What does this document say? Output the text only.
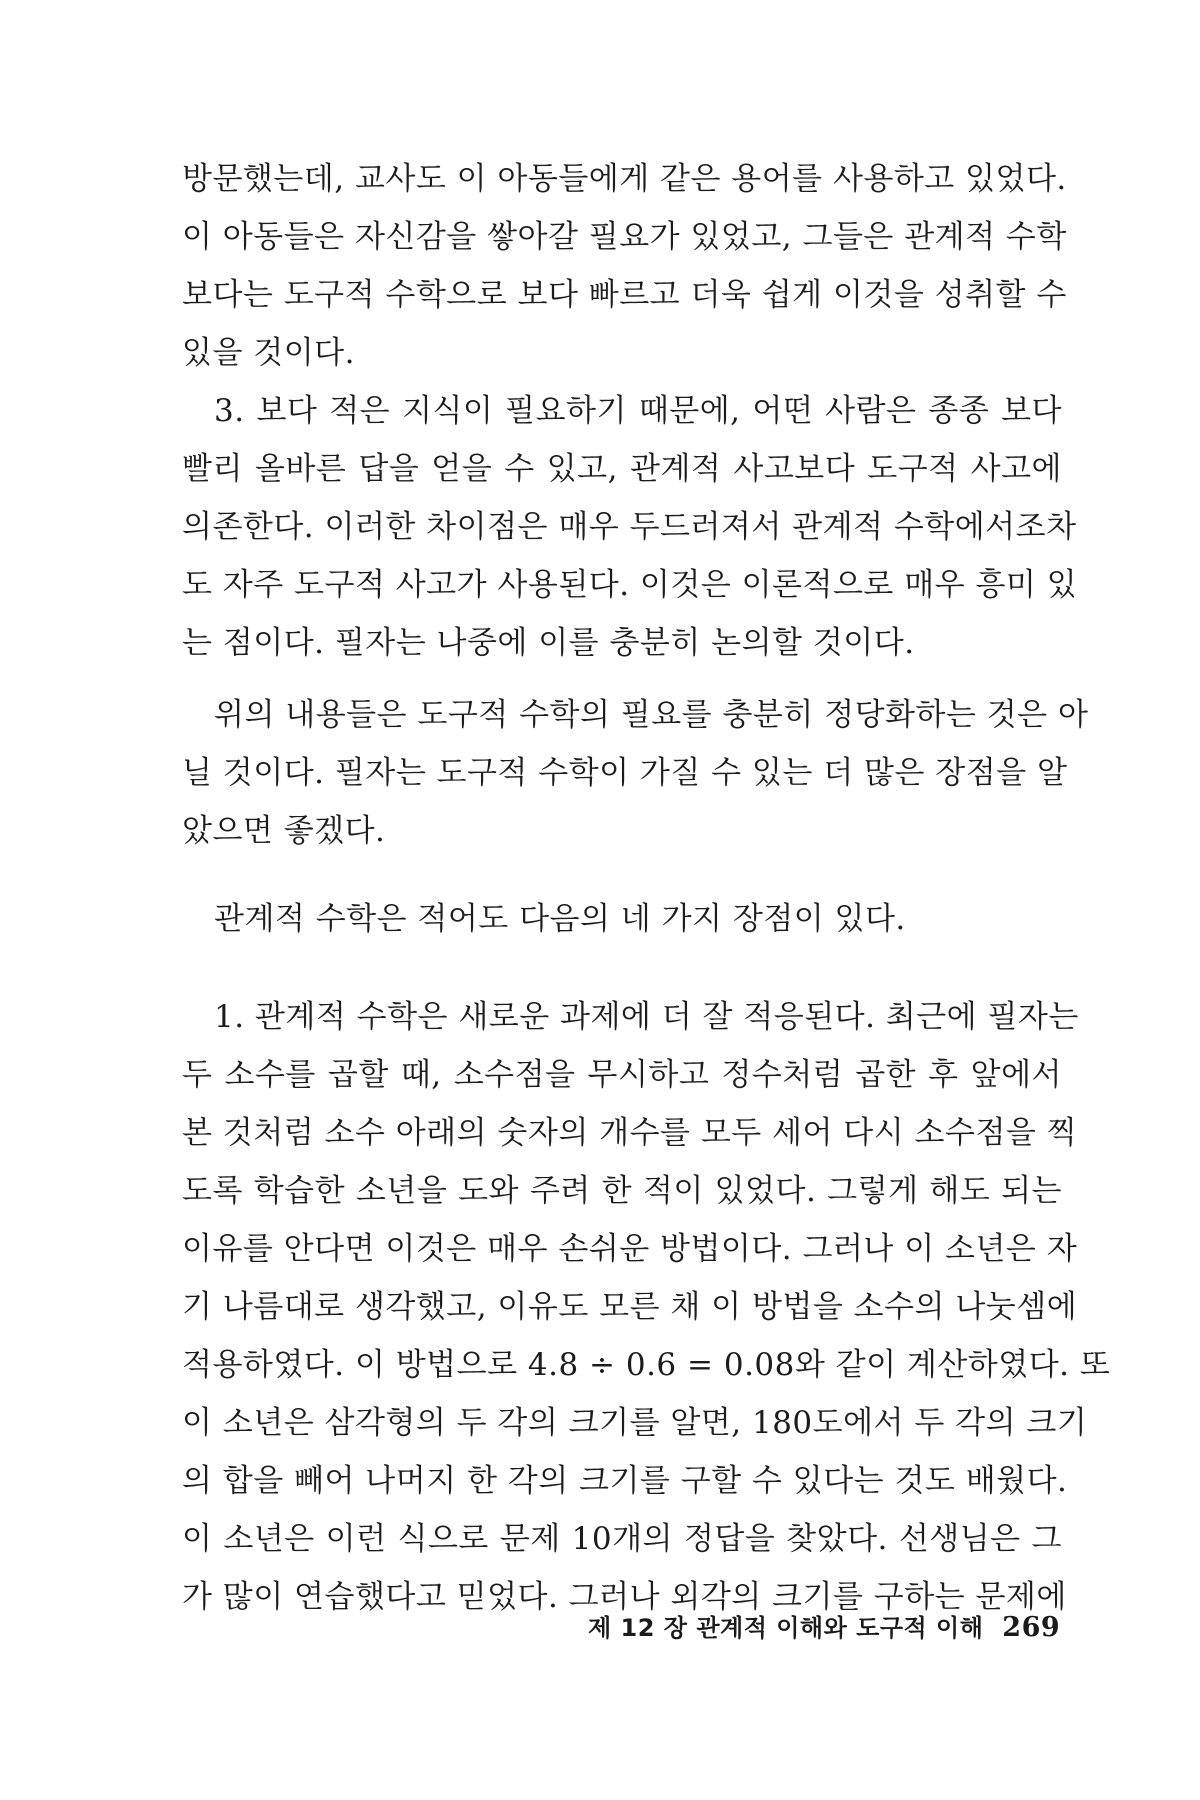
방문했는데, 교사도 이 아동들에게 같은 용어를 사용하고 있었다.
이 아동들은 자신감을 쌓아갈 필요가 있었고, 그들은 관계적 수학
보다는 도구적 수학으로 보다 빠르고 더욱 쉽게 이것을 성취할 수
있을 것이다.
3. 보다 적은 지식이 필요하기 때문에, 어떤 사람은 종종 보다
빨리 올바른 답을 얻을 수 있고, 관계적 사고보다 도구적 사고에
의존한다. 이러한 차이점은 매우 두드러져서 관계적 수학에서조차
도 자주 도구적 사고가 사용된다. 이것은 이론적으로 매우 흥미 있
는 점이다. 필자는 나중에 이를 충분히 논의할 것이다.
위의 내용들은 도구적 수학의 필요를 충분히 정당화하는 것은 아
닐 것이다. 필자는 도구적 수학이 가질 수 있는 더 많은 장점을 알
았으면 좋겠다.
관계적 수학은 적어도 다음의 네 가지 장점이 있다.
1. 관계적 수학은 새로운 과제에 더 잘 적응된다. 최근에 필자는
두 소수를 곱할 때, 소수점을 무시하고 정수처럼 곱한 후 앞에서
본 것처럼 소수 아래의 숫자의 개수를 모두 세어 다시 소수점을 찍
도록 학습한 소년을 도와 주려 한 적이 있었다. 그렇게 해도 되는
이유를 안다면 이것은 매우 손쉬운 방법이다. 그러나 이 소년은 자
기 나름대로 생각했고, 이유도 모른 채 이 방법을 소수의 나눗셈에
적용하였다. 이 방법으로 4.8 ÷ 0.6 = 0.08와 같이 계산하였다. 또
이 소년은 삼각형의 두 각의 크기를 알면, 180도에서 두 각의 크기
의 합을 빼어 나머지 한 각의 크기를 구할 수 있다는 것도 배웠다.
이 소년은 이런 식으로 문제 10개의 정답을 찾았다. 선생님은 그
가 많이 연습했다고 믿었다. 그러나 외각의 크기를 구하는 문제에
제 12 장 관계적 이해와 도구적 이해 269
